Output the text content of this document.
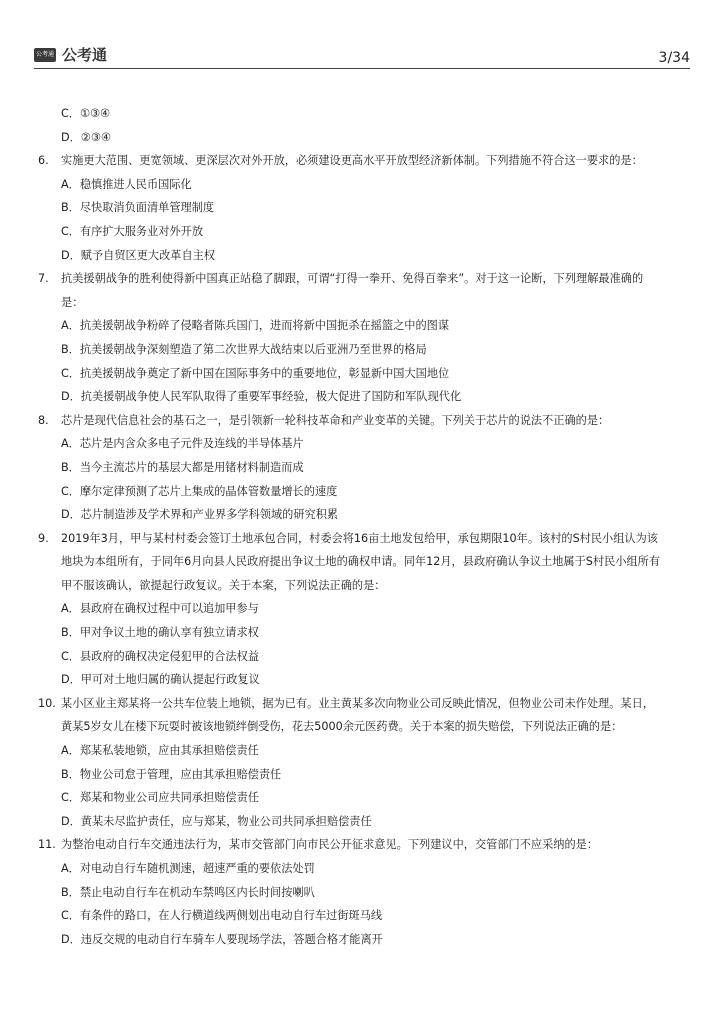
公考通 公考通	3/34
C．①③④
D．②③④
6.	实施更大范围、更宽领域、更深层次对外开放，必须建设更高水平开放型经济新体制。下列措施不符合这一要求的是：
A．稳慎推进人民币国际化
B．尽快取消负面清单管理制度
C．有序扩大服务业对外开放
D．赋予自贸区更大改革自主权
7.	抗美援朝战争的胜利使得新中国真正站稳了脚跟，可谓“打得一拳开、免得百拳来”。对于这一论断，下列理解最准确的
是：
A．抗美援朝战争粉碎了侵略者陈兵国门，进而将新中国扼杀在摇篮之中的图谋
B．抗美援朝战争深刻塑造了第二次世界大战结束以后亚洲乃至世界的格局
C．抗美援朝战争奠定了新中国在国际事务中的重要地位，彰显新中国大国地位
D．抗美援朝战争使人民军队取得了重要军事经验，极大促进了国防和军队现代化
8.	芯片是现代信息社会的基石之一，是引领新一轮科技革命和产业变革的关键。下列关于芯片的说法不正确的是：
A．芯片是内含众多电子元件及连线的半导体基片
B．当今主流芯片的基层大都是用锗材料制造而成
C．摩尔定律预测了芯片上集成的晶体管数量增长的速度
D．芯片制造涉及学术界和产业界多学科领域的研究积累
9.	2019年3月，甲与某村村委会签订土地承包合同，村委会将16亩土地发包给甲，承包期限10年。该村的S村民小组认为该
地块为本组所有，于同年6月向县人民政府提出争议土地的确权申请。同年12月，县政府确认争议土地属于S村民小组所有
甲不服该确认，欲提起行政复议。关于本案，下列说法正确的是：
A．县政府在确权过程中可以追加甲参与
B．甲对争议土地的确认享有独立请求权
C．县政府的确权决定侵犯甲的合法权益
D．甲可对土地归属的确认提起行政复议
10. 某小区业主郑某将一公共车位装上地锁，据为已有。业主黄某多次向物业公司反映此情况，但物业公司未作处理。某日，
黄某5岁女儿在楼下玩耍时被该地锁绊倒受伤，花去5000余元医药费。关于本案的损失赔偿，下列说法正确的是：
A．郑某私装地锁，应由其承担赔偿责任
B．物业公司怠于管理，应由其承担赔偿责任
C．郑某和物业公司应共同承担赔偿责任
D．黄某未尽监护责任，应与郑某，物业公司共同承担赔偿责任
11. 为整治电动自行车交通违法行为，某市交管部门向市民公开征求意见。下列建议中，交管部门不应采纳的是：
A．对电动自行车随机测速，超速严重的要依法处罚
B．禁止电动自行车在机动车禁鸣区内长时间按喇叭
C．有条件的路口，在人行横道线两侧划出电动自行车过街斑马线
D．违反交规的电动自行车骑车人要现场学法，答题合格才能离开
